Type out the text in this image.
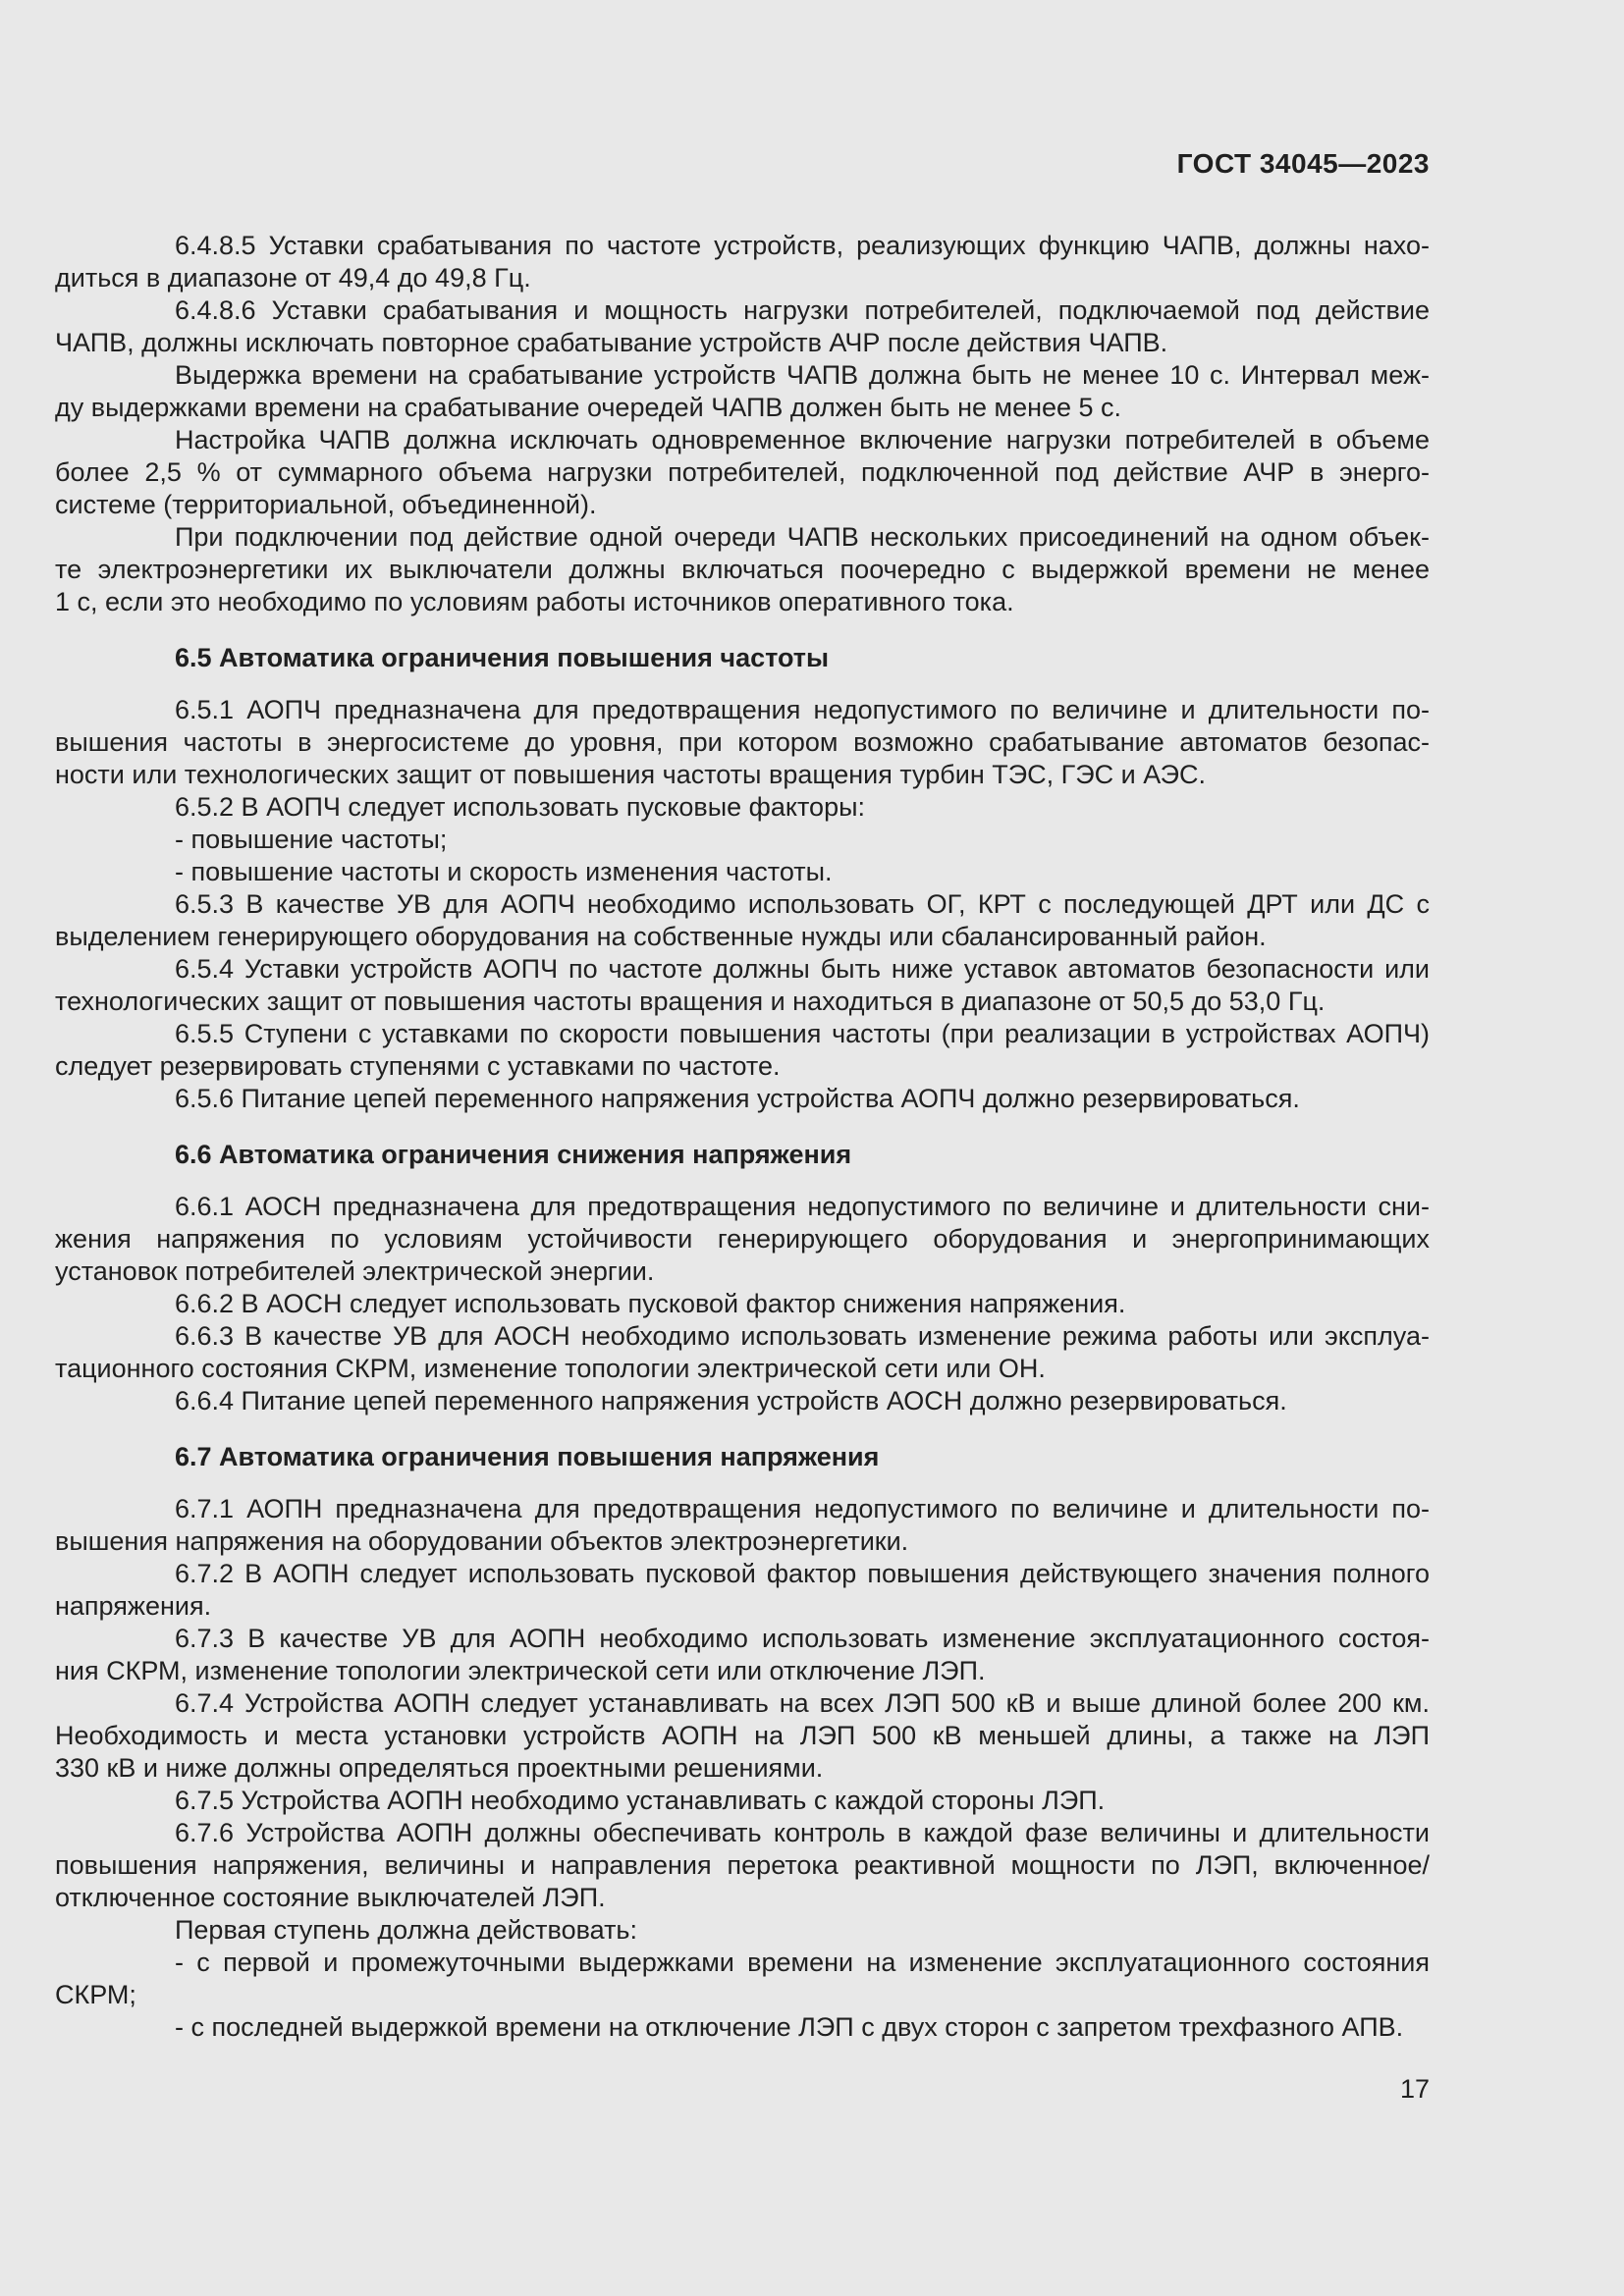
ГОСТ 34045—2023
6.4.8.5 Уставки срабатывания по частоте устройств, реализующих функцию ЧАПВ, должны нахо-
диться в диапазоне от 49,4 до 49,8 Гц.
6.4.8.6 Уставки срабатывания и мощность нагрузки потребителей, подключаемой под действие
ЧАПВ, должны исключать повторное срабатывание устройств АЧР после действия ЧАПВ.
Выдержка времени на срабатывание устройств ЧАПВ должна быть не менее 10 с. Интервал меж-
ду выдержками времени на срабатывание очередей ЧАПВ должен быть не менее 5 с.
Настройка ЧАПВ должна исключать одновременное включение нагрузки потребителей в объеме
более 2,5 % от суммарного объема нагрузки потребителей, подключенной под действие АЧР в энерго-
системе (территориальной, объединенной).
При подключении под действие одной очереди ЧАПВ нескольких присоединений на одном объек-
те электроэнергетики их выключатели должны включаться поочередно с выдержкой времени не менее
1 с, если это необходимо по условиям работы источников оперативного тока.
6.5 Автоматика ограничения повышения частоты
6.5.1 АОПЧ предназначена для предотвращения недопустимого по величине и длительности по-
вышения частоты в энергосистеме до уровня, при котором возможно срабатывание автоматов безопас-
ности или технологических защит от повышения частоты вращения турбин ТЭС, ГЭС и АЭС.
6.5.2 В АОПЧ следует использовать пусковые факторы:
- повышение частоты;
- повышение частоты и скорость изменения частоты.
6.5.3 В качестве УВ для АОПЧ необходимо использовать ОГ, КРТ с последующей ДРТ или ДС с
выделением генерирующего оборудования на собственные нужды или сбалансированный район.
6.5.4 Уставки устройств АОПЧ по частоте должны быть ниже уставок автоматов безопасности или
технологических защит от повышения частоты вращения и находиться в диапазоне от 50,5 до 53,0 Гц.
6.5.5 Ступени с уставками по скорости повышения частоты (при реализации в устройствах АОПЧ)
следует резервировать ступенями с уставками по частоте.
6.5.6 Питание цепей переменного напряжения устройства АОПЧ должно резервироваться.
6.6 Автоматика ограничения снижения напряжения
6.6.1 АОСН предназначена для предотвращения недопустимого по величине и длительности сни-
жения напряжения по условиям устойчивости генерирующего оборудования и энергопринимающих
установок потребителей электрической энергии.
6.6.2 В АОСН следует использовать пусковой фактор снижения напряжения.
6.6.3 В качестве УВ для АОСН необходимо использовать изменение режима работы или эксплуа-
тационного состояния СКРМ, изменение топологии электрической сети или ОН.
6.6.4 Питание цепей переменного напряжения устройств АОСН должно резервироваться.
6.7 Автоматика ограничения повышения напряжения
6.7.1 АОПН предназначена для предотвращения недопустимого по величине и длительности по-
вышения напряжения на оборудовании объектов электроэнергетики.
6.7.2 В АОПН следует использовать пусковой фактор повышения действующего значения полного
напряжения.
6.7.3 В качестве УВ для АОПН необходимо использовать изменение эксплуатационного состоя-
ния СКРМ, изменение топологии электрической сети или отключение ЛЭП.
6.7.4 Устройства АОПН следует устанавливать на всех ЛЭП 500 кВ и выше длиной более 200 км.
Необходимость и места установки устройств АОПН на ЛЭП 500 кВ меньшей длины, а также на ЛЭП
330 кВ и ниже должны определяться проектными решениями.
6.7.5 Устройства АОПН необходимо устанавливать с каждой стороны ЛЭП.
6.7.6 Устройства АОПН должны обеспечивать контроль в каждой фазе величины и длительности
повышения напряжения, величины и направления перетока реактивной мощности по ЛЭП, включенное/
отключенное состояние выключателей ЛЭП.
Первая ступень должна действовать:
- с первой и промежуточными выдержками времени на изменение эксплуатационного состояния
СКРМ;
- с последней выдержкой времени на отключение ЛЭП с двух сторон с запретом трехфазного АПВ.
17
